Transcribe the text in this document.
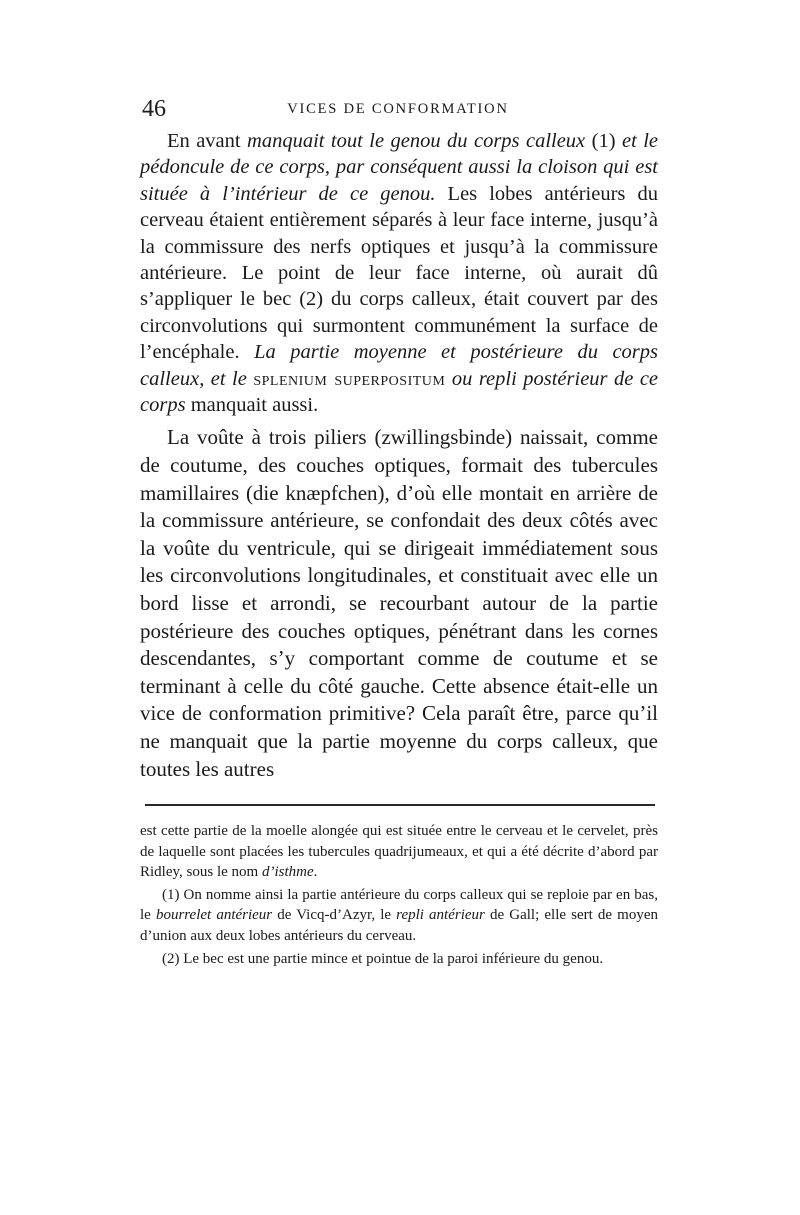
46	VICES DE CONFORMATION

En avant manquait tout le genou du corps calleux (1) et le pédoncule de ce corps, par conséquent aussi la cloison qui est située à l’intérieur de ce genou. Les lobes antérieurs du cerveau étaient entièrement séparés à leur face interne, jusqu’à la commissure des nerfs optiques et jusqu’à la commissure antérieure. Le point de leur face interne, où aurait dû s’appliquer le bec (2) du corps calleux, était couvert par des circonvolutions qui surmontent communément la surface de l’encéphale. La partie moyenne et postérieure du corps calleux, et le splenium superpositum ou repli postérieur de ce corps manquait aussi.

La voûte à trois piliers (zwillingsbinde) naissait, comme de coutume, des couches optiques, formait des tubercules mamillaires (die knæpfchen), d’où elle montait en arrière de la commissure antérieure, se confondait des deux côtés avec la voûte du ventricule, qui se dirigeait immédiatement sous les circonvolutions longitudinales, et constituait avec elle un bord lisse et arrondi, se recourbant autour de la partie postérieure des couches optiques, pénétrant dans les cornes descendantes, s’y comportant comme de coutume et se terminant à celle du côté gauche. Cette absence était-elle un vice de conformation primitive? Cela paraît être, parce qu’il ne manquait que la partie moyenne du corps calleux, que toutes les autres

est cette partie de la moelle alongée qui est située entre le cerveau et le cervelet, près de laquelle sont placées les tubercules quadrijumeaux, et qui a été décrite d’abord par Ridley, sous le nom d’isthme.

(1) On nomme ainsi la partie antérieure du corps calleux qui se reploie par en bas, le bourrelet antérieur de Vicq-d’Azyr, le repli antérieur de Gall; elle sert de moyen d’union aux deux lobes antérieurs du cerveau.

(2) Le bec est une partie mince et pointue de la paroi inférieure du genou.
